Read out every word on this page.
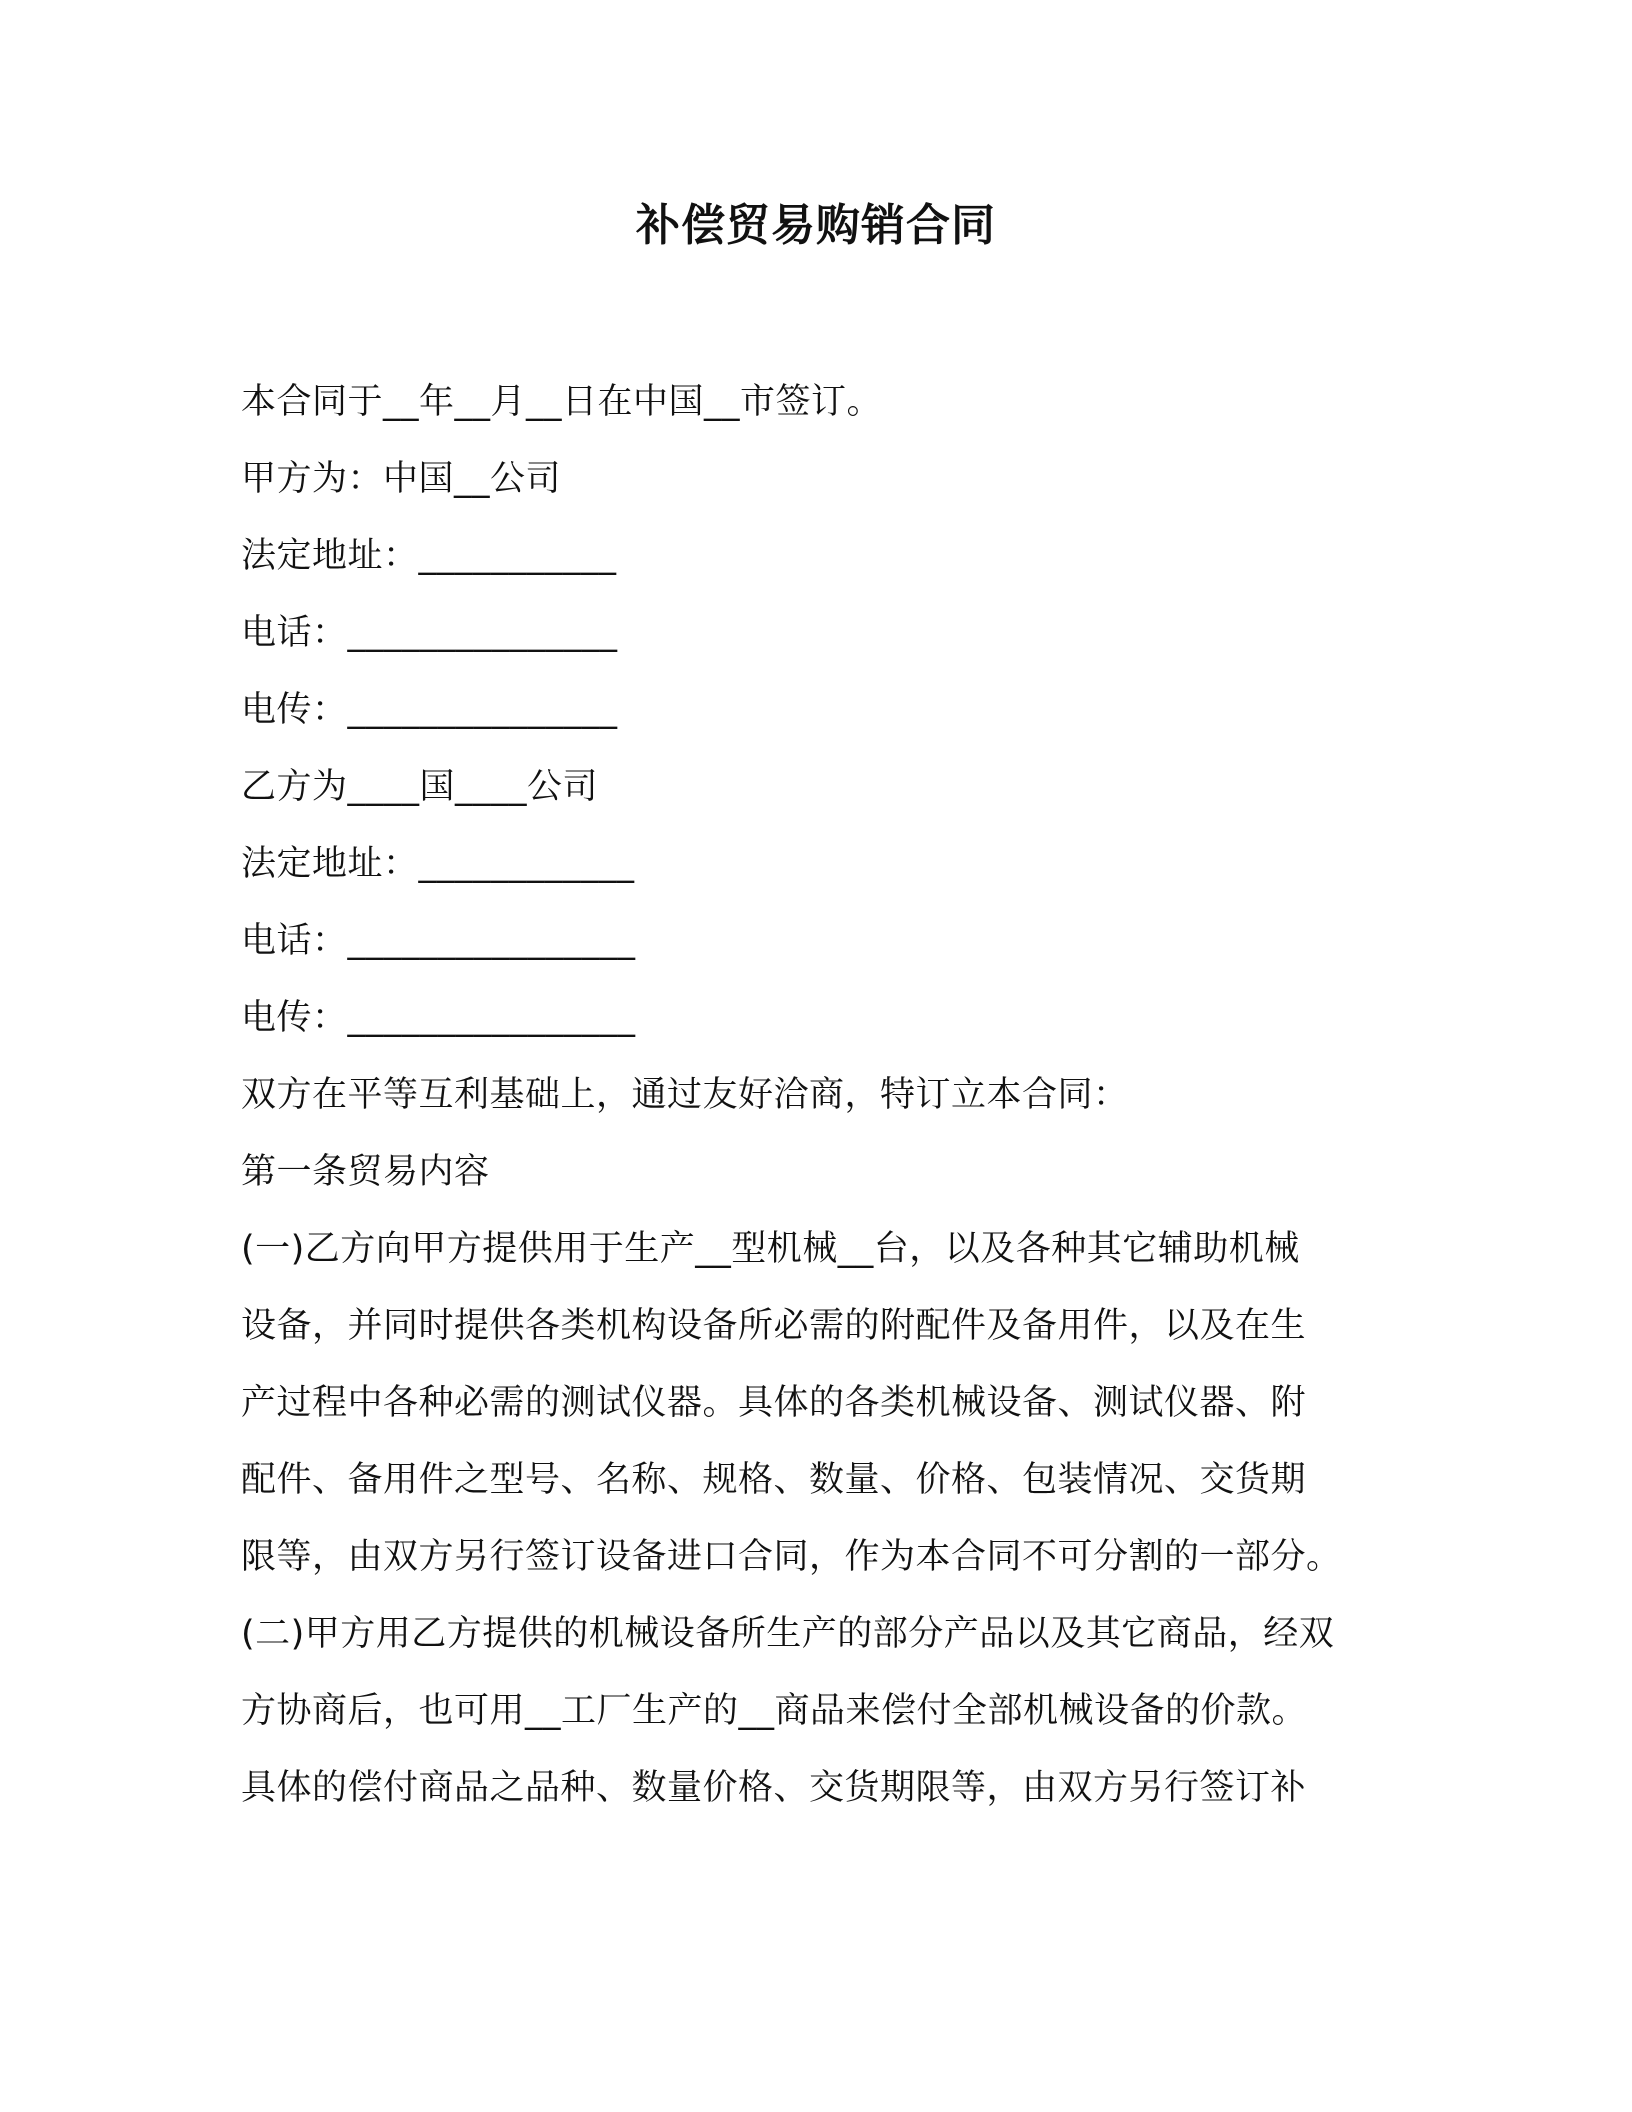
补偿贸易购销合同
本合同于__年__月__日在中国__市签订。
甲方为：中国__公司
法定地址：___________
电话：_______________
电传：_______________
乙方为____国____公司
法定地址：____________
电话：________________
电传：________________
双方在平等互利基础上，通过友好洽商，特订立本合同：
第一条贸易内容
(一)乙方向甲方提供用于生产__型机械__台，以及各种其它辅助机械
设备，并同时提供各类机构设备所必需的附配件及备用件，以及在生
产过程中各种必需的测试仪器。具体的各类机械设备、测试仪器、附
配件、备用件之型号、名称、规格、数量、价格、包装情况、交货期
限等，由双方另行签订设备进口合同，作为本合同不可分割的一部分。
(二)甲方用乙方提供的机械设备所生产的部分产品以及其它商品，经双
方协商后，也可用__工厂生产的__商品来偿付全部机械设备的价款。
具体的偿付商品之品种、数量价格、交货期限等，由双方另行签订补
